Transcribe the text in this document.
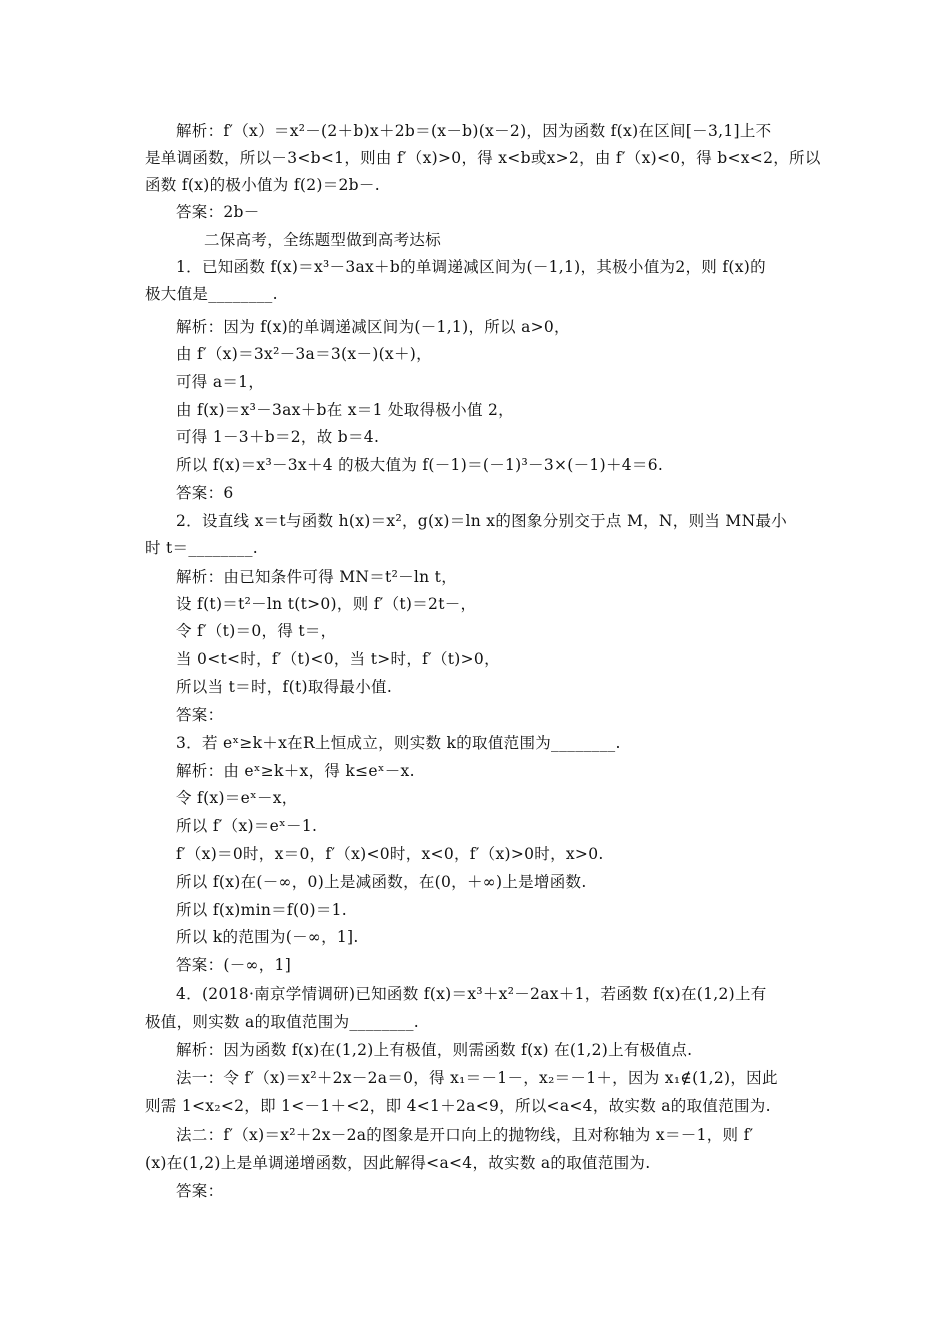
解析：f′（x）＝x²－(2＋b)x＋2b＝(x－b)(x－2)，因为函数 f(x)在区间[－3,1]上不
是单调函数，所以－3<b<1，则由 f′（x)>0，得 x<b或x>2，由 f′（x)<0，得 b<x<2，所以
函数 f(x)的极小值为 f(2)＝2b－.
答案：2b－
二保高考，全练题型做到高考达标
1．已知函数 f(x)＝x³－3ax＋b的单调递减区间为(－1,1)，其极小值为2，则 f(x)的
极大值是________.
解析：因为 f(x)的单调递减区间为(－1,1)，所以 a>0，
由 f′（x)＝3x²－3a＝3(x－)(x＋)，
可得 a＝1，
由 f(x)＝x³－3ax＋b在 x＝1 处取得极小值 2，
可得 1－3＋b＝2，故 b＝4.
所以 f(x)＝x³－3x＋4 的极大值为 f(－1)＝(－1)³－3×(－1)＋4＝6.
答案：6
2．设直线 x＝t与函数 h(x)＝x²，g(x)＝ln x的图象分别交于点 M，N，则当 MN最小
时 t＝________.
解析：由已知条件可得 MN＝t²－ln t，
设 f(t)＝t²－ln t(t>0)，则 f′（t)＝2t－，
令 f′（t)＝0，得 t＝，
当 0<t<时，f′（t)<0，当 t>时，f′（t)>0，
所以当 t＝时，f(t)取得最小值.
答案：
3．若 eˣ≥k＋x在R上恒成立，则实数 k的取值范围为________.
解析：由 eˣ≥k＋x，得 k≤eˣ－x.
令 f(x)＝eˣ－x，
所以 f′（x)＝eˣ－1.
f′（x)＝0时，x＝0，f′（x)<0时，x<0，f′（x)>0时，x>0.
所以 f(x)在(－∞，0)上是减函数，在(0，＋∞)上是增函数.
所以 f(x)min＝f(0)＝1.
所以 k的范围为(－∞，1].
答案：(－∞，1]
4．(2018·南京学情调研)已知函数 f(x)＝x³＋x²－2ax＋1，若函数 f(x)在(1,2)上有
极值，则实数 a的取值范围为________.
解析：因为函数 f(x)在(1,2)上有极值，则需函数 f(x) 在(1,2)上有极值点.
法一：令 f′（x)＝x²＋2x－2a＝0，得 x₁＝－1－，x₂＝－1＋，因为 x₁∉(1,2)，因此
则需 1<x₂<2，即 1<－1＋<2，即 4<1＋2a<9，所以<a<4，故实数 a的取值范围为.
法二：f′（x)＝x²＋2x－2a的图象是开口向上的抛物线，且对称轴为 x＝－1，则 f′
(x)在(1,2)上是单调递增函数，因此解得<a<4，故实数 a的取值范围为.
答案：
